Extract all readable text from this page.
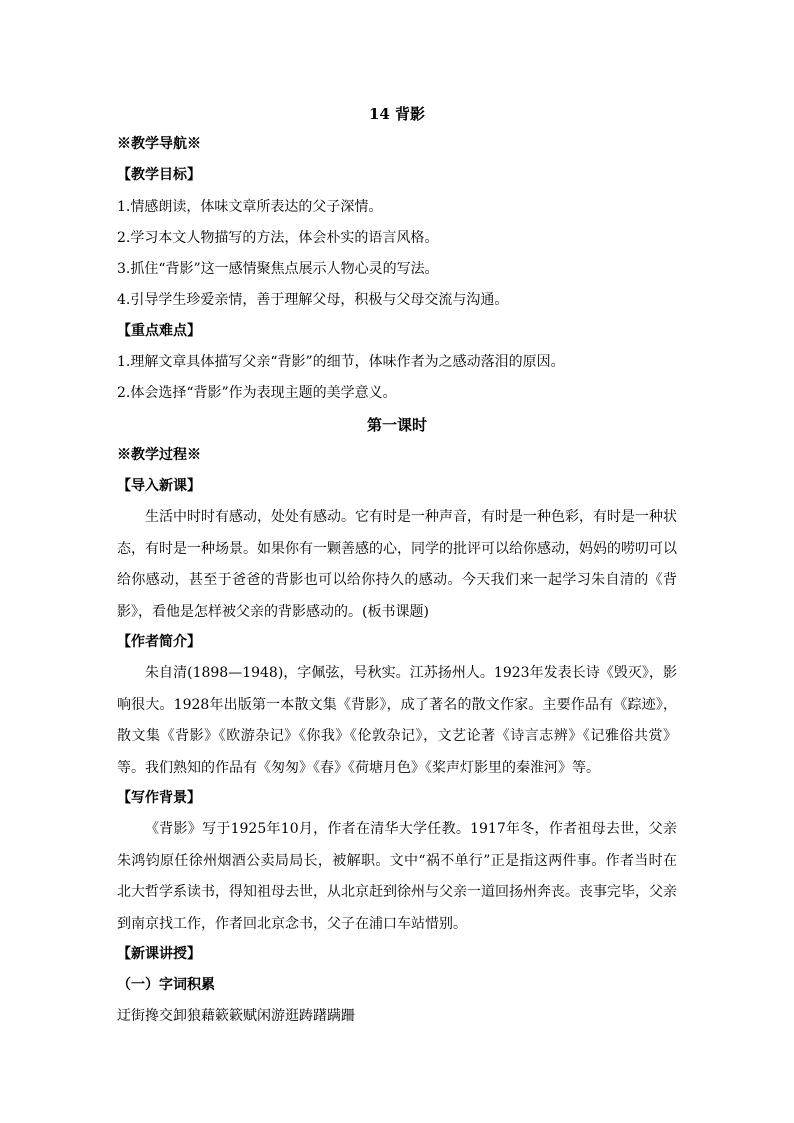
14 背影
※教学导航※
【教学目标】
1.情感朗读，体味文章所表达的父子深情。
2.学习本文人物描写的方法，体会朴实的语言风格。
3.抓住“背影”这一感情聚焦点展示人物心灵的写法。
4.引导学生珍爱亲情，善于理解父母，积极与父母交流与沟通。
【重点难点】
1.理解文章具体描写父亲“背影”的细节，体味作者为之感动落泪的原因。
2.体会选择“背影”作为表现主题的美学意义。
第一课时
※教学过程※
【导入新课】
生活中时时有感动，处处有感动。它有时是一种声音，有时是一种色彩，有时是一种状态，有时是一种场景。如果你有一颗善感的心，同学的批评可以给你感动，妈妈的唠叨可以给你感动，甚至于爸爸的背影也可以给你持久的感动。今天我们来一起学习朱自清的《背影》，看他是怎样被父亲的背影感动的。(板书课题)
【作者简介】
朱自清(1898—1948)，字佩弦，号秋实。江苏扬州人。1923年发表长诗《毁灭》，影响很大。1928年出版第一本散文集《背影》，成了著名的散文作家。主要作品有《踪迹》，散文集《背影》《欧游杂记》《你我》《伦敦杂记》，文艺论著《诗言志辨》《记雅俗共赏》等。我们熟知的作品有《匆匆》《春》《荷塘月色》《桨声灯影里的秦淮河》等。
【写作背景】
《背影》写于1925年10月，作者在清华大学任教。1917年冬，作者祖母去世，父亲朱鸿钧原任徐州烟酒公卖局局长，被解职。文中“祸不单行”正是指这两件事。作者当时在北大哲学系读书，得知祖母去世，从北京赶到徐州与父亲一道回扬州奔丧。丧事完毕，父亲到南京找工作，作者回北京念书，父子在浦口车站惜别。
【新课讲授】
（一）字词积累
迂街搀交卸狼藉簌簌赋闲游逛踌躇蹒跚
